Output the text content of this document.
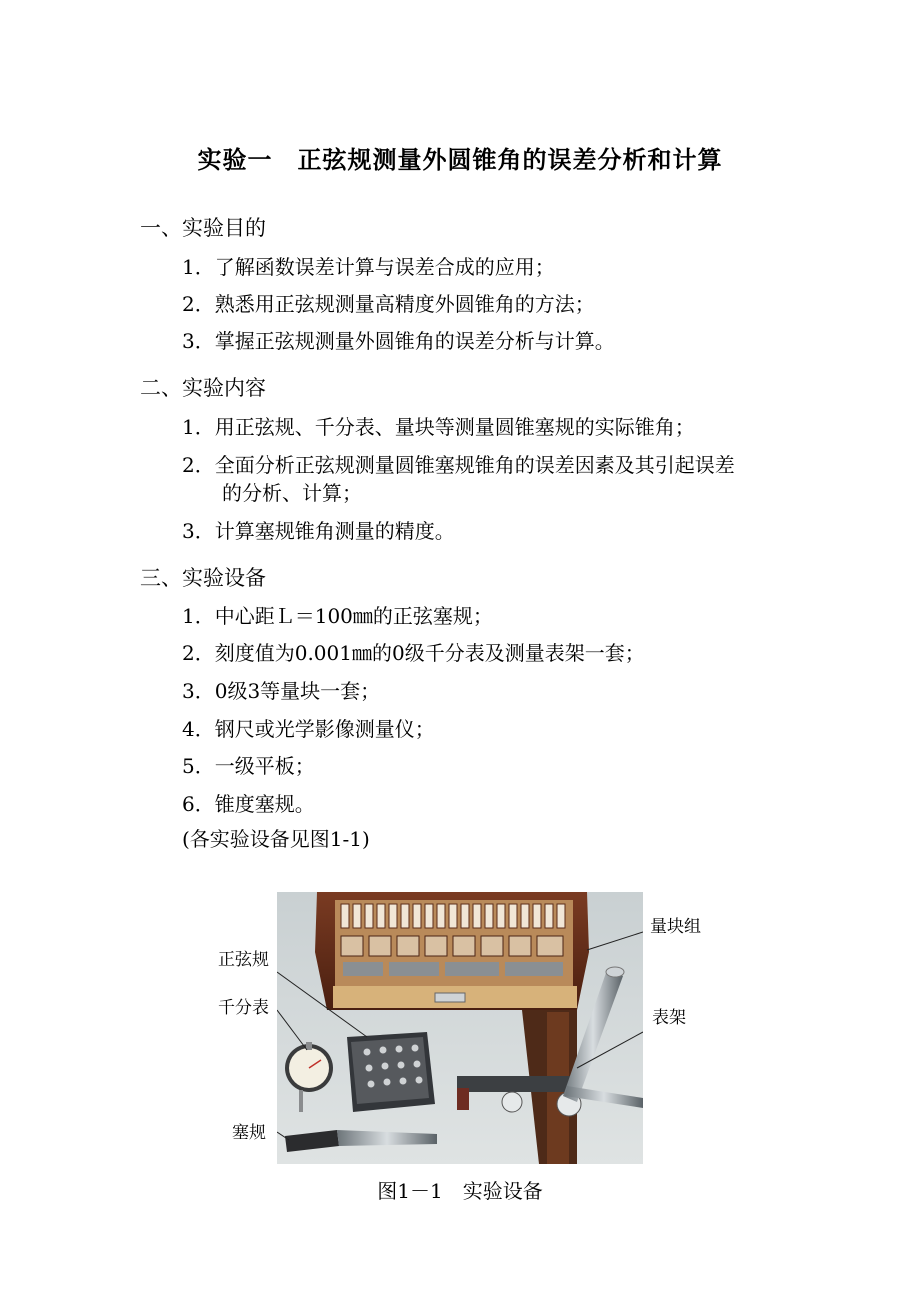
实验一　正弦规测量外圆锥角的误差分析和计算
一、实验目的
1．了解函数误差计算与误差合成的应用；
2．熟悉用正弦规测量高精度外圆锥角的方法；
3．掌握正弦规测量外圆锥角的误差分析与计算。
二、实验内容
1．用正弦规、千分表、量块等测量圆锥塞规的实际锥角；
2．全面分析正弦规测量圆锥塞规锥角的误差因素及其引起误差
的分析、计算；
3．计算塞规锥角测量的精度。
三、实验设备
1．中心距Ｌ＝100㎜的正弦塞规；
2．刻度值为0.001㎜的0级千分表及测量表架一套；
3．0级3等量块一套；
4．钢尺或光学影像测量仪；
5．一级平板；
6．锥度塞规。
(各实验设备见图1-1)
量块组
正弦规
千分表	表架
塞规
图1－1　实验设备
